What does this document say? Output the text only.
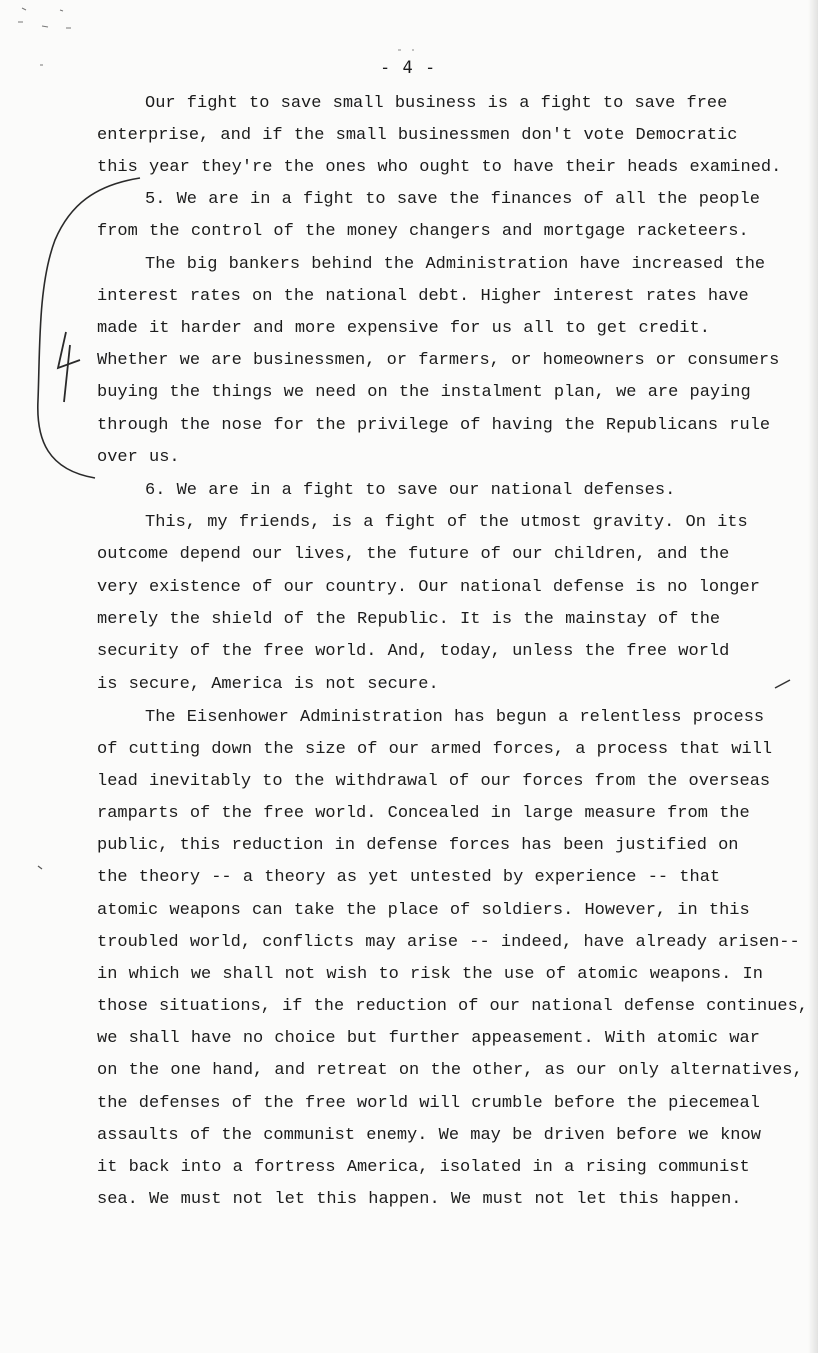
- 4 -
Our fight to save small business is a fight to save free
enterprise, and if the small businessmen don't vote Democratic
this year they're the ones who ought to have their heads examined.
5. We are in a fight to save the finances of all the people
from the control of the money changers and mortgage racketeers.
The big bankers behind the Administration have increased the
interest rates on the national debt. Higher interest rates have
made it harder and more expensive for us all to get credit.
Whether we are businessmen, or farmers, or homeowners or consumers
buying the things we need on the instalment plan, we are paying
through the nose for the privilege of having the Republicans rule
over us.
6. We are in a fight to save our national defenses.
This, my friends, is a fight of the utmost gravity. On its
outcome depend our lives, the future of our children, and the
very existence of our country. Our national defense is no longer
merely the shield of the Republic. It is the mainstay of the
security of the free world. And, today, unless the free world
is secure, America is not secure.
The Eisenhower Administration has begun a relentless process
of cutting down the size of our armed forces, a process that will
lead inevitably to the withdrawal of our forces from the overseas
ramparts of the free world. Concealed in large measure from the
public, this reduction in defense forces has been justified on
the theory -- a theory as yet untested by experience -- that
atomic weapons can take the place of soldiers. However, in this
troubled world, conflicts may arise -- indeed, have already arisen--
in which we shall not wish to risk the use of atomic weapons. In
those situations, if the reduction of our national defense continues,
we shall have no choice but further appeasement. With atomic war
on the one hand, and retreat on the other, as our only alternatives,
the defenses of the free world will crumble before the piecemeal
assaults of the communist enemy. We may be driven before we know
it back into a fortress America, isolated in a rising communist
sea. We must not let this happen. We must not let this happen.
